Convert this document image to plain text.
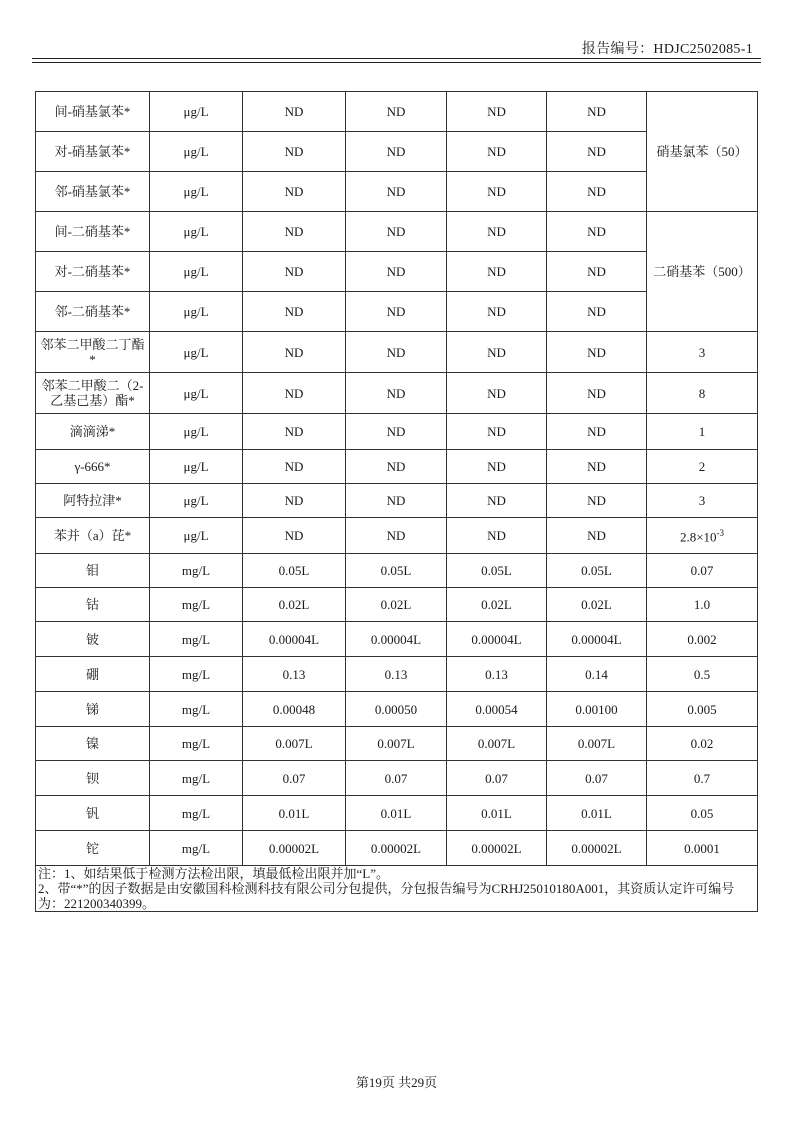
报告编号：HDJC2502085-1
间-硝基氯苯*	μg/L	ND	ND	ND	ND	硝基氯苯（50）
对-硝基氯苯*	μg/L	ND	ND	ND	ND	
邻-硝基氯苯*	μg/L	ND	ND	ND	ND	
间-二硝基苯*	μg/L	ND	ND	ND	ND	二硝基苯（500）
对-二硝基苯*	μg/L	ND	ND	ND	ND	
邻-二硝基苯*	μg/L	ND	ND	ND	ND	
邻苯二甲酸二丁酯*	μg/L	ND	ND	ND	ND	3
邻苯二甲酸二（2-乙基己基）酯*	μg/L	ND	ND	ND	ND	8
滴滴涕*	μg/L	ND	ND	ND	ND	1
γ-666*	μg/L	ND	ND	ND	ND	2
阿特拉津*	μg/L	ND	ND	ND	ND	3
苯并（a）芘*	μg/L	ND	ND	ND	ND	$2.8\times 10^{-3}$
钼	mg/L	0.05L	0.05L	0.05L	0.05L	0.07
钴	mg/L	0.02L	0.02L	0.02L	0.02L	1.0
铍	mg/L	0.00004L	0.00004L	0.00004L	0.00004L	0.002
硼	mg/L	0.13	0.13	0.13	0.14	0.5
锑	mg/L	0.00048	0.00050	0.00054	0.00100	0.005
镍	mg/L	0.007L	0.007L	0.007L	0.007L	0.02
钡	mg/L	0.07	0.07	0.07	0.07	0.7
钒	mg/L	0.01L	0.01L	0.01L	0.01L	0.05
铊	mg/L	0.00002L	0.00002L	0.00002L	0.00002L	0.0001

注：1、如结果低于检测方法检出限，填最低检出限并加“L”。
2、带“*”的因子数据是由安徽国科检测科技有限公司分包提供，分包报告编号为CRHJ25010180A001，其资质认定许可编号为：221200340399。						
第19页 共29页
